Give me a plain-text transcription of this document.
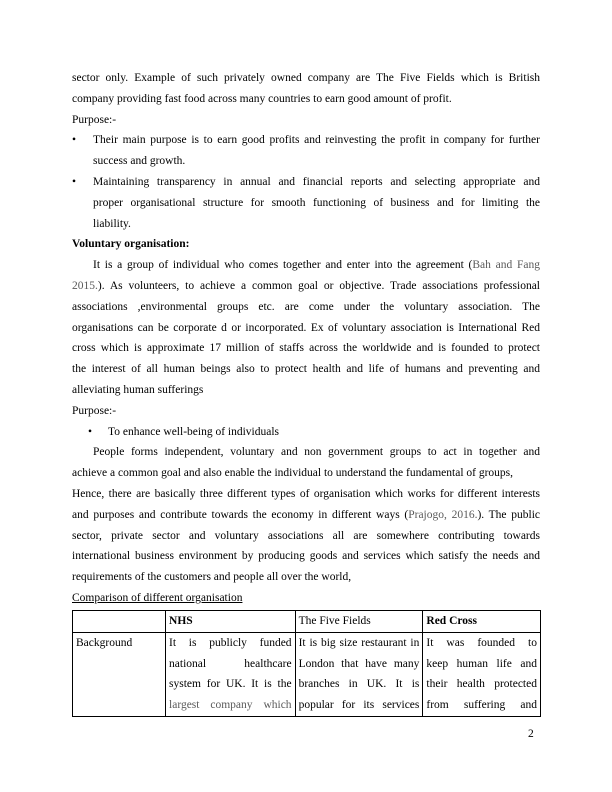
sector only. Example of such privately owned company are The Five Fields which is British
company providing fast food across many countries to earn good amount of profit.
Purpose:-
• Their main purpose is to earn good profits and reinvesting the profit in company for further
success and growth.
• Maintaining transparency in annual and financial reports and selecting appropriate and
proper organisational structure for smooth functioning of business and for limiting the
liability.
Voluntary organisation:
It is a group of individual who comes together and enter into the agreement (Bah and Fang
2015.). As volunteers, to achieve a common goal or objective. Trade associations professional
associations ,environmental groups etc. are come under the voluntary association. The
organisations can be corporate d or incorporated. Ex of voluntary association is International Red
cross which is approximate 17 million of staffs across the worldwide and is founded to protect
the interest of all human beings also to protect health and life of humans and preventing and
alleviating human sufferings
Purpose:-
• To enhance well-being of individuals
People forms independent, voluntary and non government groups to act in together and
achieve a common goal and also enable the individual to understand the fundamental of groups,
Hence, there are basically three different types of organisation which works for different interests
and purposes and contribute towards the economy in different ways (Prajogo, 2016.). The public
sector, private sector and voluntary associations all are somewhere contributing towards
international business environment by producing goods and services which satisfy the needs and
requirements of the customers and people all over the world,
Comparison of different organisation
	NHS	The Five Fields	Red Cross
Background	It is publicly funded
national healthcare
system for UK. It is the
largest company which	It is big size restaurant in
London that have many
branches in UK. It is
popular for its services	It was founded to
keep human life and
their health protected
from suffering and
2
